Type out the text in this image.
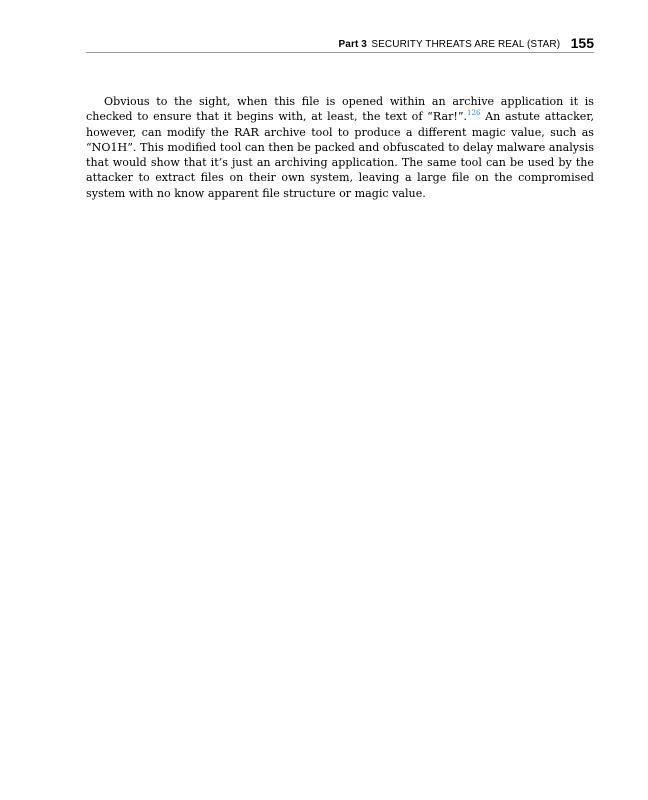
Part 3 SECURITY THREATS ARE REAL (STAR) 155

Obvious to the sight, when this file is opened within an archive application it is checked to ensure that it begins with, at least, the text of “Rar!”.$^{126}$ An astute attacker, however, can modify the RAR archive tool to produce a different magic value, such as “NO1H”. This modified tool can then be packed and obfuscated to delay malware analysis that would show that it’s just an archiving application. The same tool can be used by the attacker to extract files on their own system, leaving a large file on the compromised system with no know apparent file structure or magic value.
